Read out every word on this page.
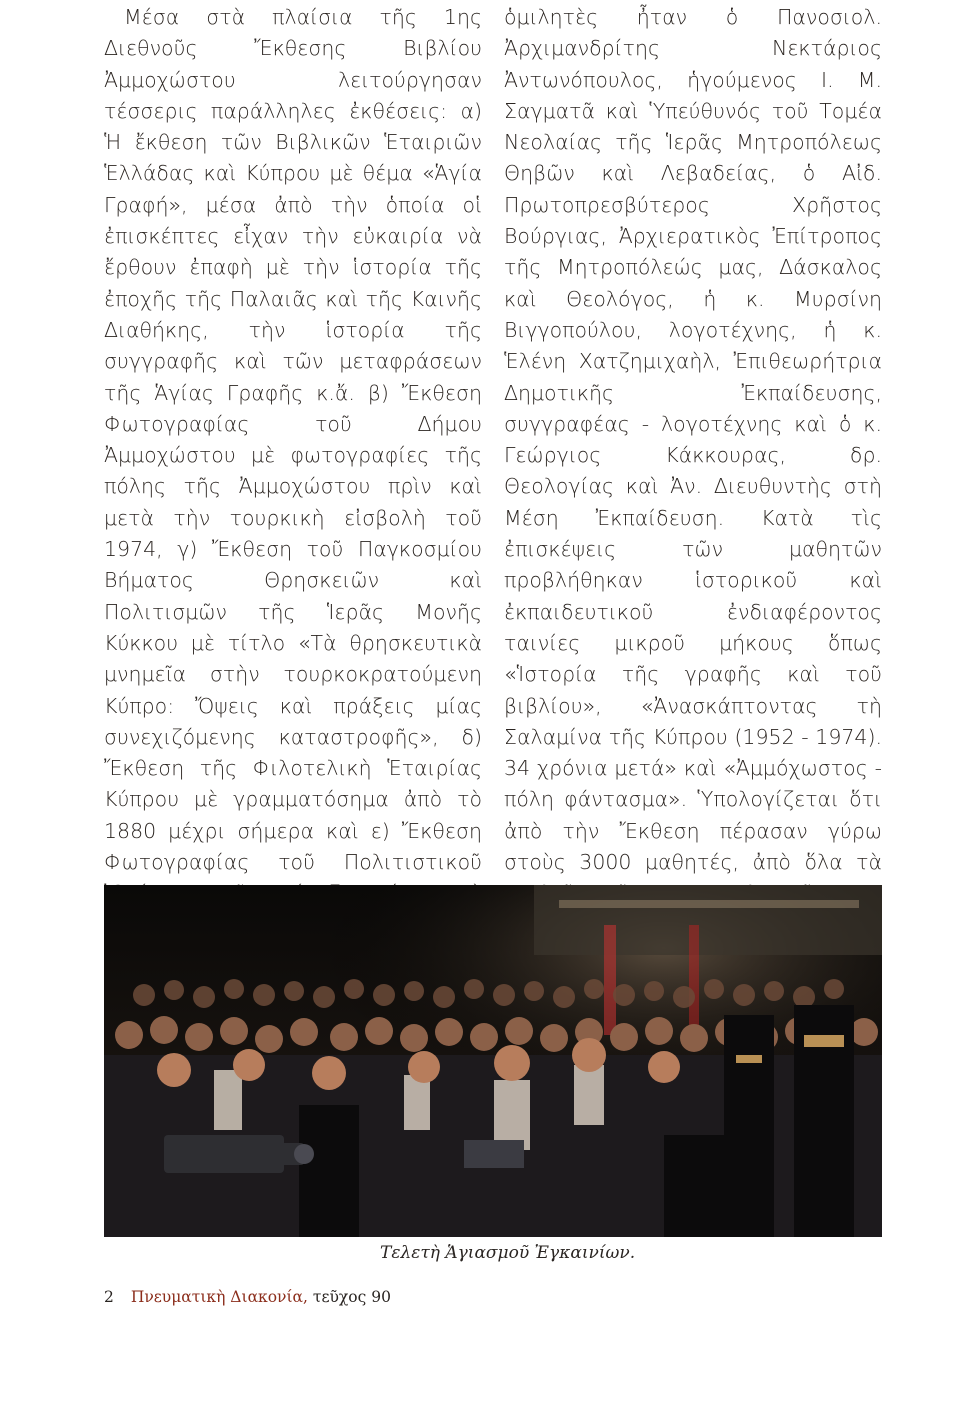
Μέσα στὰ πλαίσια τῆς 1ης Διεθνοῦς Ἔκθεσης Βιβλίου Ἀμμοχώστου λειτούργησαν τέσσερις παράλληλες ἐκθέσεις: α) Ἡ ἔκθεση τῶν Βιβλικῶν Ἑταιριῶν Ἑλλάδας καὶ Κύπρου μὲ θέμα «Ἁγία Γραφή», μέσα ἀπὸ τὴν ὁποία οἱ ἐπισκέπτες εἶχαν τὴν εὐκαιρία νὰ ἔρθουν ἐπαφὴ μὲ τὴν ἱστορία τῆς ἐποχῆς τῆς Παλαιᾶς καὶ τῆς Καινῆς Διαθήκης, τὴν ἱστορία τῆς συγγραφῆς καὶ τῶν μεταφράσεων τῆς Ἁγίας Γραφῆς κ.ἄ. β) Ἔκθεση Φωτογραφίας τοῦ Δήμου Ἀμμοχώστου μὲ φωτογραφίες τῆς πόλης τῆς Ἀμμοχώστου πρὶν καὶ μετὰ τὴν τουρκικὴ εἰσβολὴ τοῦ 1974, γ) Ἔκθεση τοῦ Παγκοσμίου Βήματος Θρησκειῶν καὶ Πολιτισμῶν τῆς Ἱερᾶς Μονῆς Κύκκου μὲ τίτλο «Τὰ θρησκευτικὰ μνημεῖα στὴν τουρκοκρατούμενη Κύπρο: Ὄψεις καὶ πράξεις μίας συνεχιζόμενης καταστροφῆς», δ) Ἔκθεση τῆς Φιλοτελικὴ Ἑταιρίας Κύπρου μὲ γραμματόσημα ἀπὸ τὸ 1880 μέχρι σήμερα καὶ ε) Ἔκθεση Φωτογραφίας τοῦ Πολιτιστικοῦ

ὁμιλητὲς ἦταν ὁ Πανοσιολ. Ἀρχιμανδρίτης Νεκτάριος Ἀντωνόπουλος, ἡγούμενος Ι. Μ. Σαγματᾶ καὶ Ὑπεύθυνός τοῦ Τομέα Νεολαίας τῆς Ἱερᾶς Μητροπόλεως Θηβῶν καὶ Λεβαδείας, ὁ Αἰδ. Πρωτοπρεσβύτερος Χρῆστος Βούργιας, Ἀρχιερατικὸς Ἐπίτροπος τῆς Μητροπόλεώς μας, Δάσκαλος καὶ Θεολόγος, ἡ κ. Μυρσίνη Βιγγοπούλου, λογοτέχνης, ἡ κ. Ἑλένη Χατζημιχαὴλ, Ἐπιθεωρήτρια Δημοτικῆς Ἐκπαίδευσης, συγγραφέας - λογοτέχνης καὶ ὁ κ. Γεώργιος Κάκκουρας, δρ. Θεολογίας καὶ Ἀν. Διευθυντὴς στὴ Μέση Ἐκπαίδευση. Κατὰ τὶς ἐπισκέψεις τῶν μαθητῶν προβλήθηκαν ἱστορικοῦ καὶ ἐκπαιδευτικοῦ ἐνδιαφέροντος ταινίες μικροῦ μήκους ὅπως «Ἱστορία τῆς γραφῆς καὶ τοῦ βιβλίου», «Ἀνασκάπτοντας τὴ Σαλαμίνα τῆς Κύπρου (1952 - 1974). 34 χρόνια μετά» καὶ «Ἀμμόχωστος - πόλη φάντασμα». Ὑπολογίζεται ὅτι ἀπὸ τὴν Ἔκθεση πέρασαν γύρω στοὺς 3000 μαθητές, ἀπὸ ὅλα τὰ

Τελετὴ Ἁγιασμοῦ Ἐγκαινίων.
2 Πνευματικὴ Διακονία, τεῦχος 90
